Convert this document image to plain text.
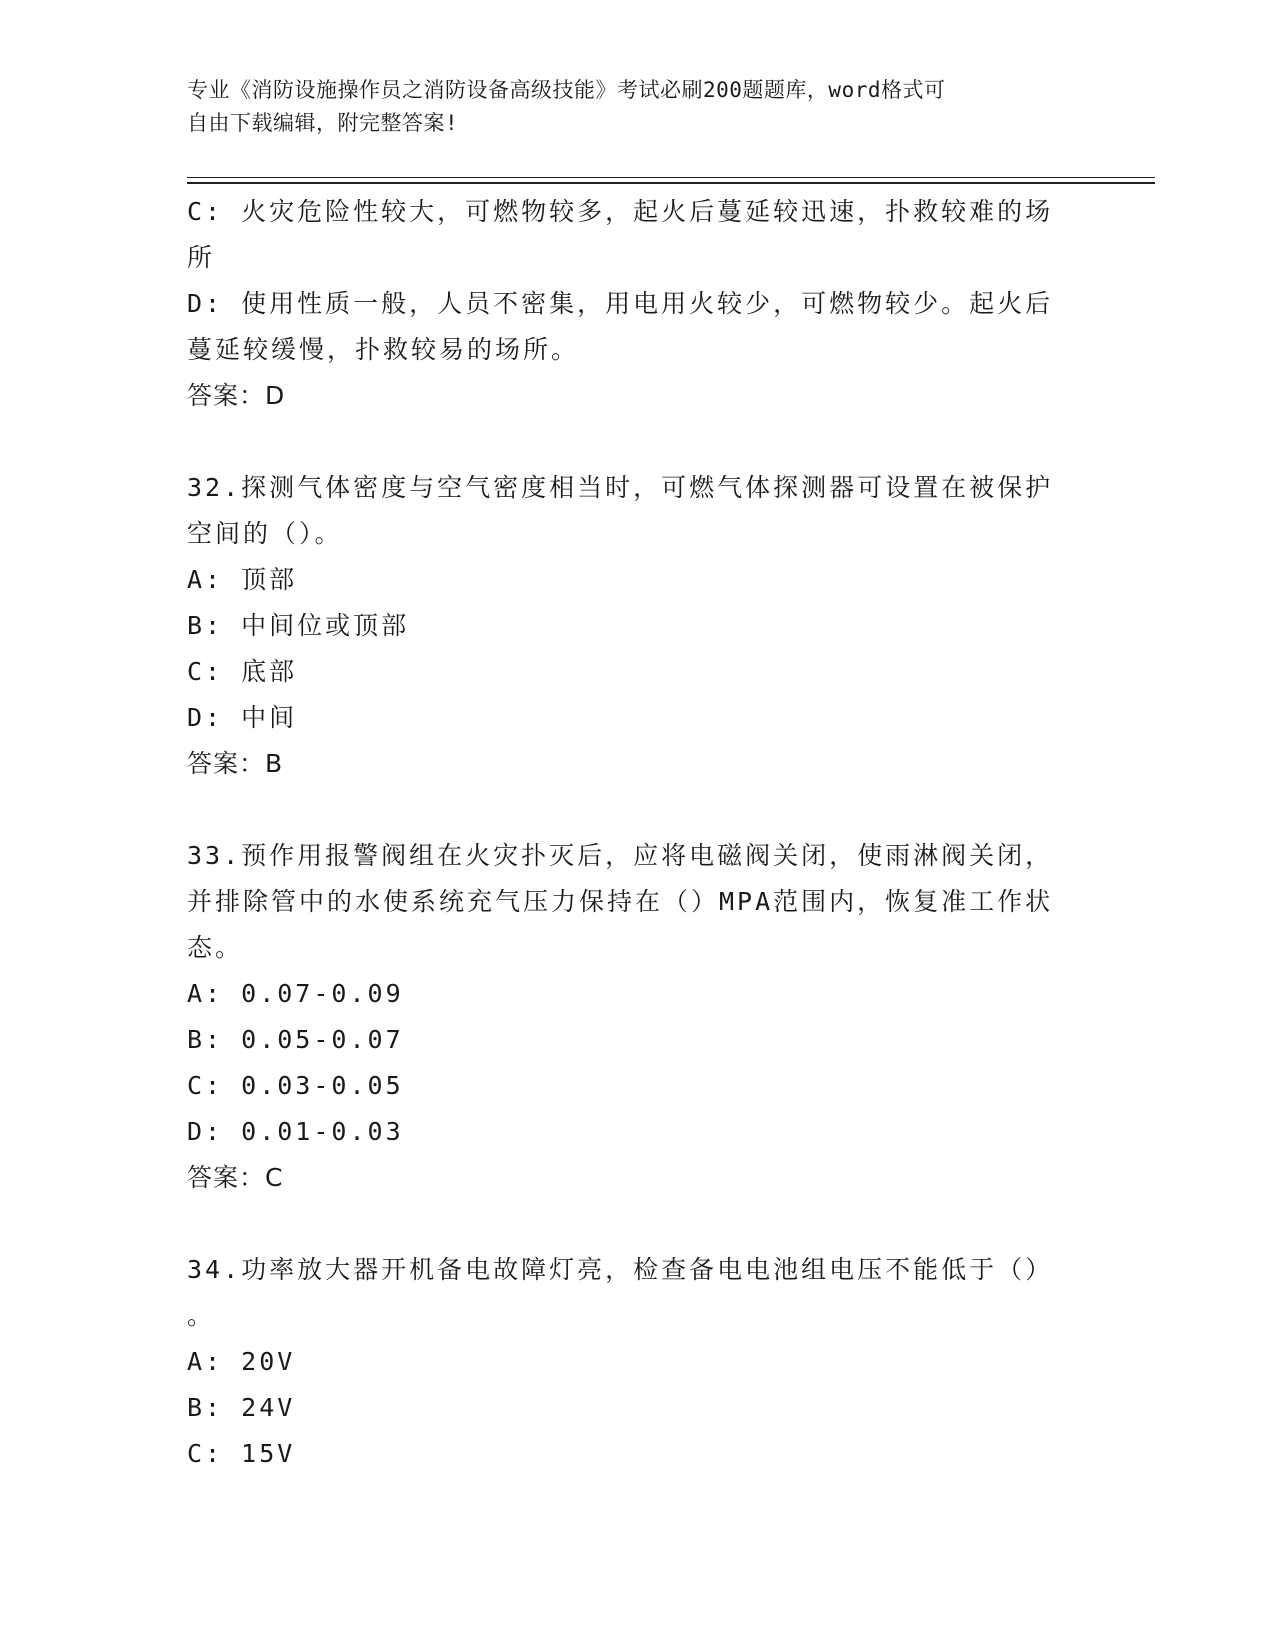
专业《消防设施操作员之消防设备高级技能》考试必刷200题题库，word格式可
自由下载编辑，附完整答案!

C: 火灾危险性较大，可燃物较多，起火后蔓延较迅速，扑救较难的场

所

D: 使用性质一般，人员不密集，用电用火较少，可燃物较少。起火后

蔓延较缓慢，扑救较易的场所。

答案：D

32.探测气体密度与空气密度相当时，可燃气体探测器可设置在被保护

空间的（）。

A: 顶部

B: 中间位或顶部

C: 底部

D: 中间

答案：B

33.预作用报警阀组在火灾扑灭后，应将电磁阀关闭，使雨淋阀关闭，

并排除管中的水使系统充气压力保持在（）MPA范围内，恢复准工作状

态。

A: 0.07-0.09

B: 0.05-0.07

C: 0.03-0.05

D: 0.01-0.03

答案：C

34.功率放大器开机备电故障灯亮，检查备电电池组电压不能低于（）

。

A: 20V

B: 24V

C: 15V
